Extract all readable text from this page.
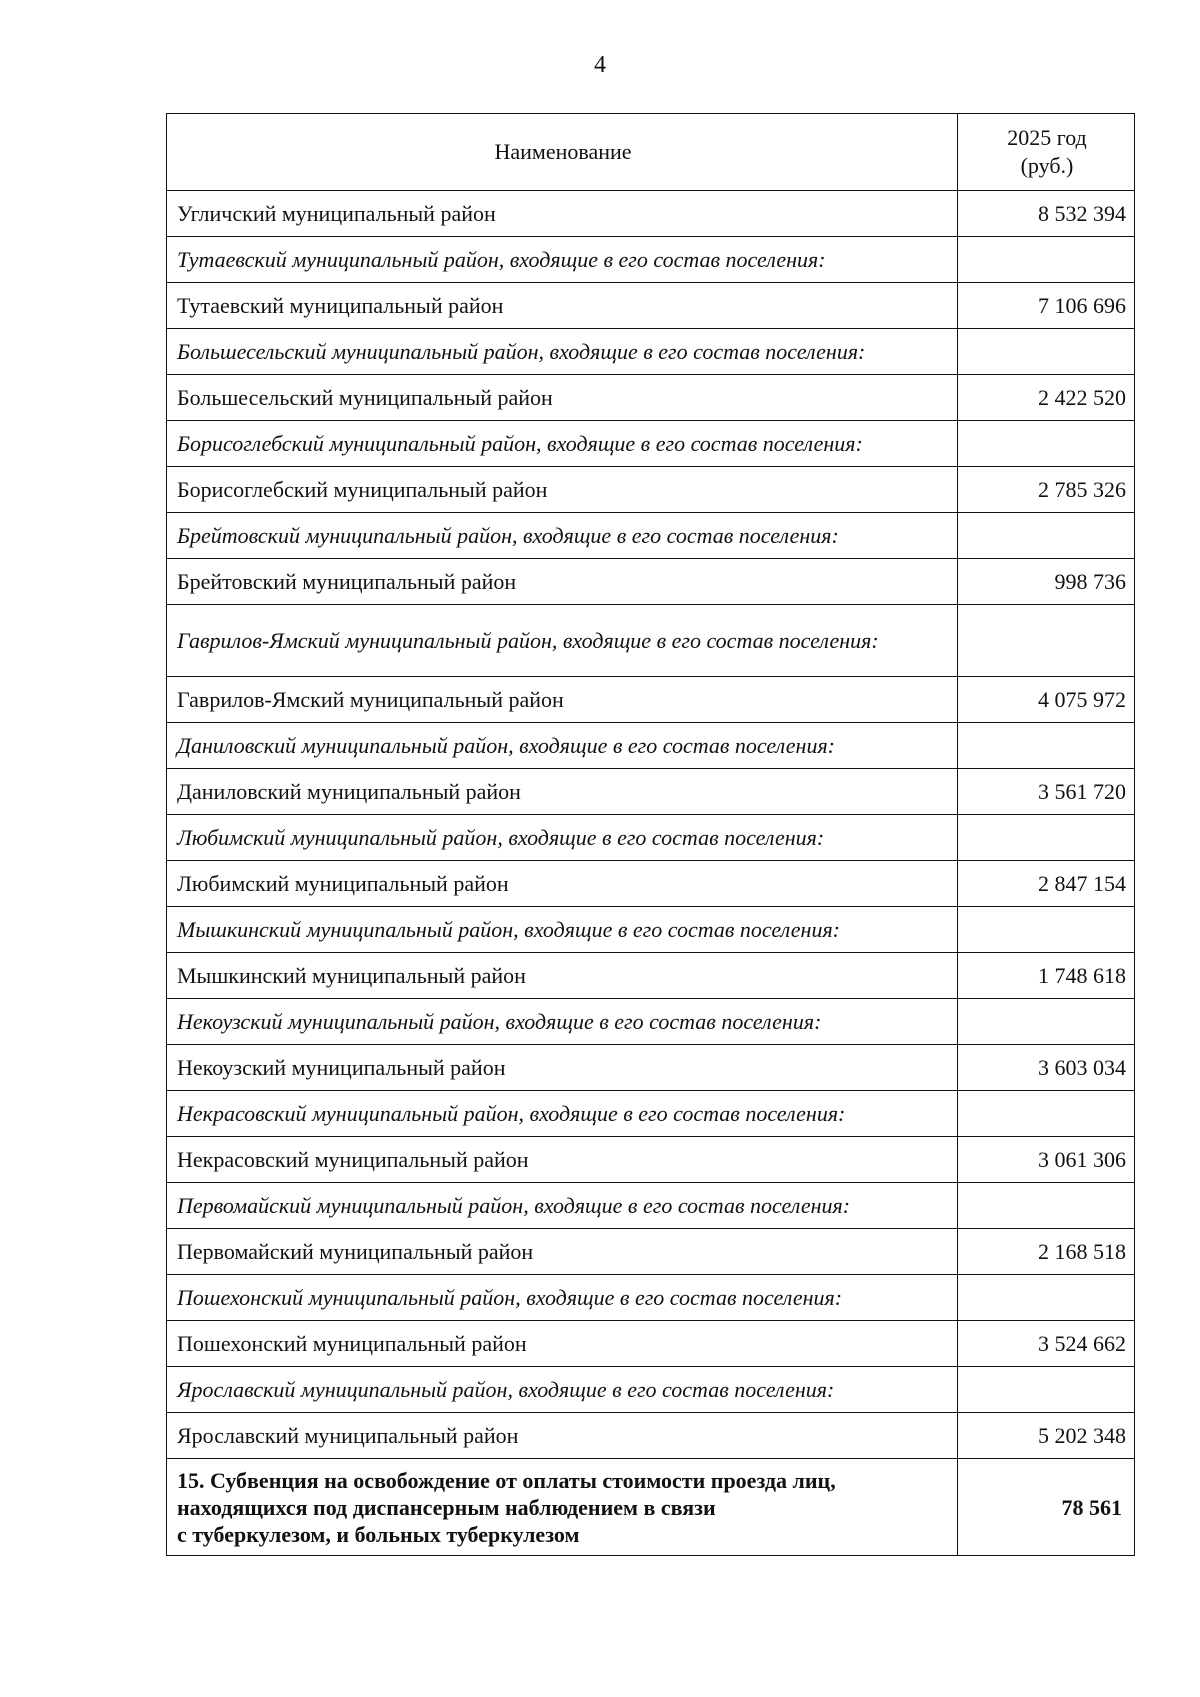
4
Наименование	2025 год
(руб.)
Угличский муниципальный район	8 532 394
Тутаевский муниципальный район, входящие в его состав поселения:	
Тутаевский муниципальный район	7 106 696
Большесельский муниципальный район, входящие в его состав поселения:	
Большесельский муниципальный район	2 422 520
Борисоглебский муниципальный район, входящие в его состав поселения:	
Борисоглебский муниципальный район	2 785 326
Брейтовский муниципальный район, входящие в его состав поселения:	
Брейтовский муниципальный район	998 736
Гаврилов-Ямский муниципальный район, входящие в его состав поселения:	
Гаврилов-Ямский муниципальный район	4 075 972
Даниловский муниципальный район, входящие в его состав поселения:	
Даниловский муниципальный район	3 561 720
Любимский муниципальный район, входящие в его состав поселения:	
Любимский муниципальный район	2 847 154
Мышкинский муниципальный район, входящие в его состав поселения:	
Мышкинский муниципальный район	1 748 618
Некоузский муниципальный район, входящие в его состав поселения:	
Некоузский муниципальный район	3 603 034
Некрасовский муниципальный район, входящие в его состав поселения:	
Некрасовский муниципальный район	3 061 306
Первомайский муниципальный район, входящие в его состав поселения:	
Первомайский муниципальный район	2 168 518
Пошехонский муниципальный район, входящие в его состав поселения:	
Пошехонский муниципальный район	3 524 662
Ярославский муниципальный район, входящие в его состав поселения:	
Ярославский муниципальный район	5 202 348
15. Субвенция на освобождение от оплаты стоимости проезда лиц,
находящихся под диспансерным наблюдением в связи
с туберкулезом, и больных туберкулезом	78 561
